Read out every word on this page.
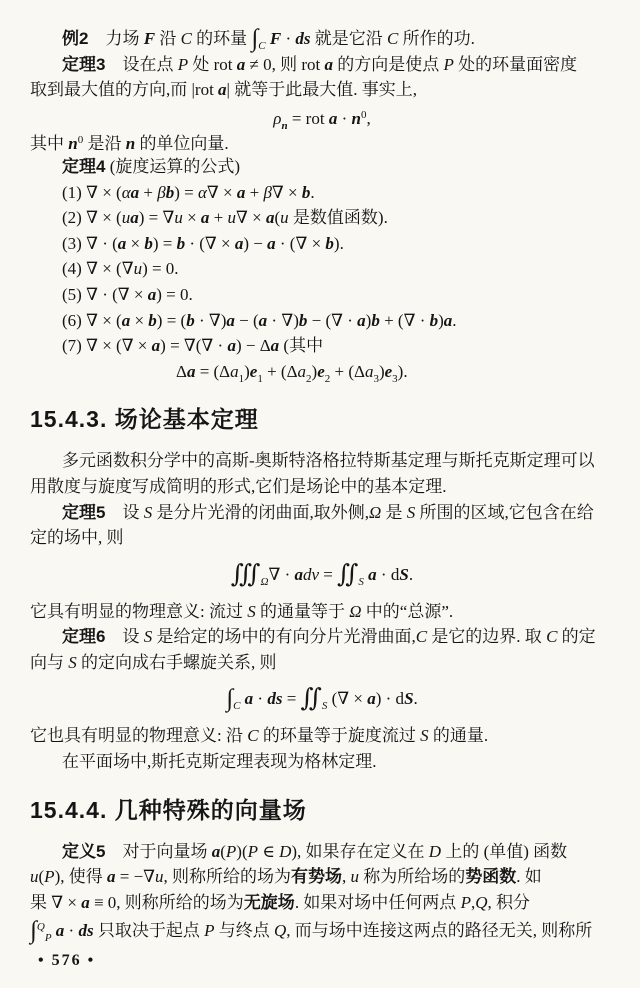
例2　力场 F 沿 C 的环量 $\int_C$ F · ds 就是它沿 C 所作的功.
定理3　设在点 P 处 rot a ≠ 0, 则 rot a 的方向是使点 P 处的环量面密度
取到最大值的方向,而 |rot a| 就等于此最大值. 事实上,
$\rho_n$ = rot $a \cdot n^0$,
其中 $n^0$ 是沿 n 的单位向量.
定理4 (旋度运算的公式)
(1) ∇ × (αa + βb) = α∇ × a + β∇ × b.
(2) ∇ × (ua) = ∇u × a + u∇ × a(u 是数值函数).
(3) ∇ · (a × b) = b · (∇ × a) − a · (∇ × b).
(4) ∇ × (∇u) = 0.
(5) ∇ · (∇ × a) = 0.
(6) ∇ × (a × b) = (b · ∇)a − (a · ∇)b − (∇ · a)b + (∇ · b)a.
(7) ∇ × (∇ × a) = ∇(∇ · a) − Δa (其中
$\Delta a = (\Delta a_1)e_1 + (\Delta a_2)e_2 + (\Delta a_3)e_3$).
15.4.3. 场论基本定理
多元函数积分学中的高斯-奥斯特洛格拉特斯基定理与斯托克斯定理可以
用散度与旋度写成简明的形式,它们是场论中的基本定理.
定理5　设 S 是分片光滑的闭曲面,取外侧,Ω 是 S 所围的区域,它包含在给
定的场中, 则
$∭_\Omega\nabla$ · adv = $∬_S$ a · dS.
它具有明显的物理意义: 流过 S 的通量等于 Ω 中的“总源”.
定理6　设 S 是给定的场中的有向分片光滑曲面,C 是它的边界. 取 C 的定
向与 S 的定向成右手螺旋关系, 则
$\int_C$ a · ds = $∬_S$ (∇ × a) · dS.
它也具有明显的物理意义: 沿 C 的环量等于旋度流过 S 的通量.
在平面场中,斯托克斯定理表现为格林定理.
15.4.4. 几种特殊的向量场
定义5　对于向量场 a(P)(P ∈ D), 如果存在定义在 D 上的 (单值) 函数
u(P), 使得 a = −∇u, 则称所给的场为有势场, u 称为所给场的势函数. 如
果 ∇ × a ≡ 0, 则称所给的场为无旋场. 如果对场中任何两点 P,Q, 积分
∫$^Q_P$ a · ds 只取决于起点 P 与终点 Q, 而与场中连接这两点的路径无关, 则称所
• 576 •
